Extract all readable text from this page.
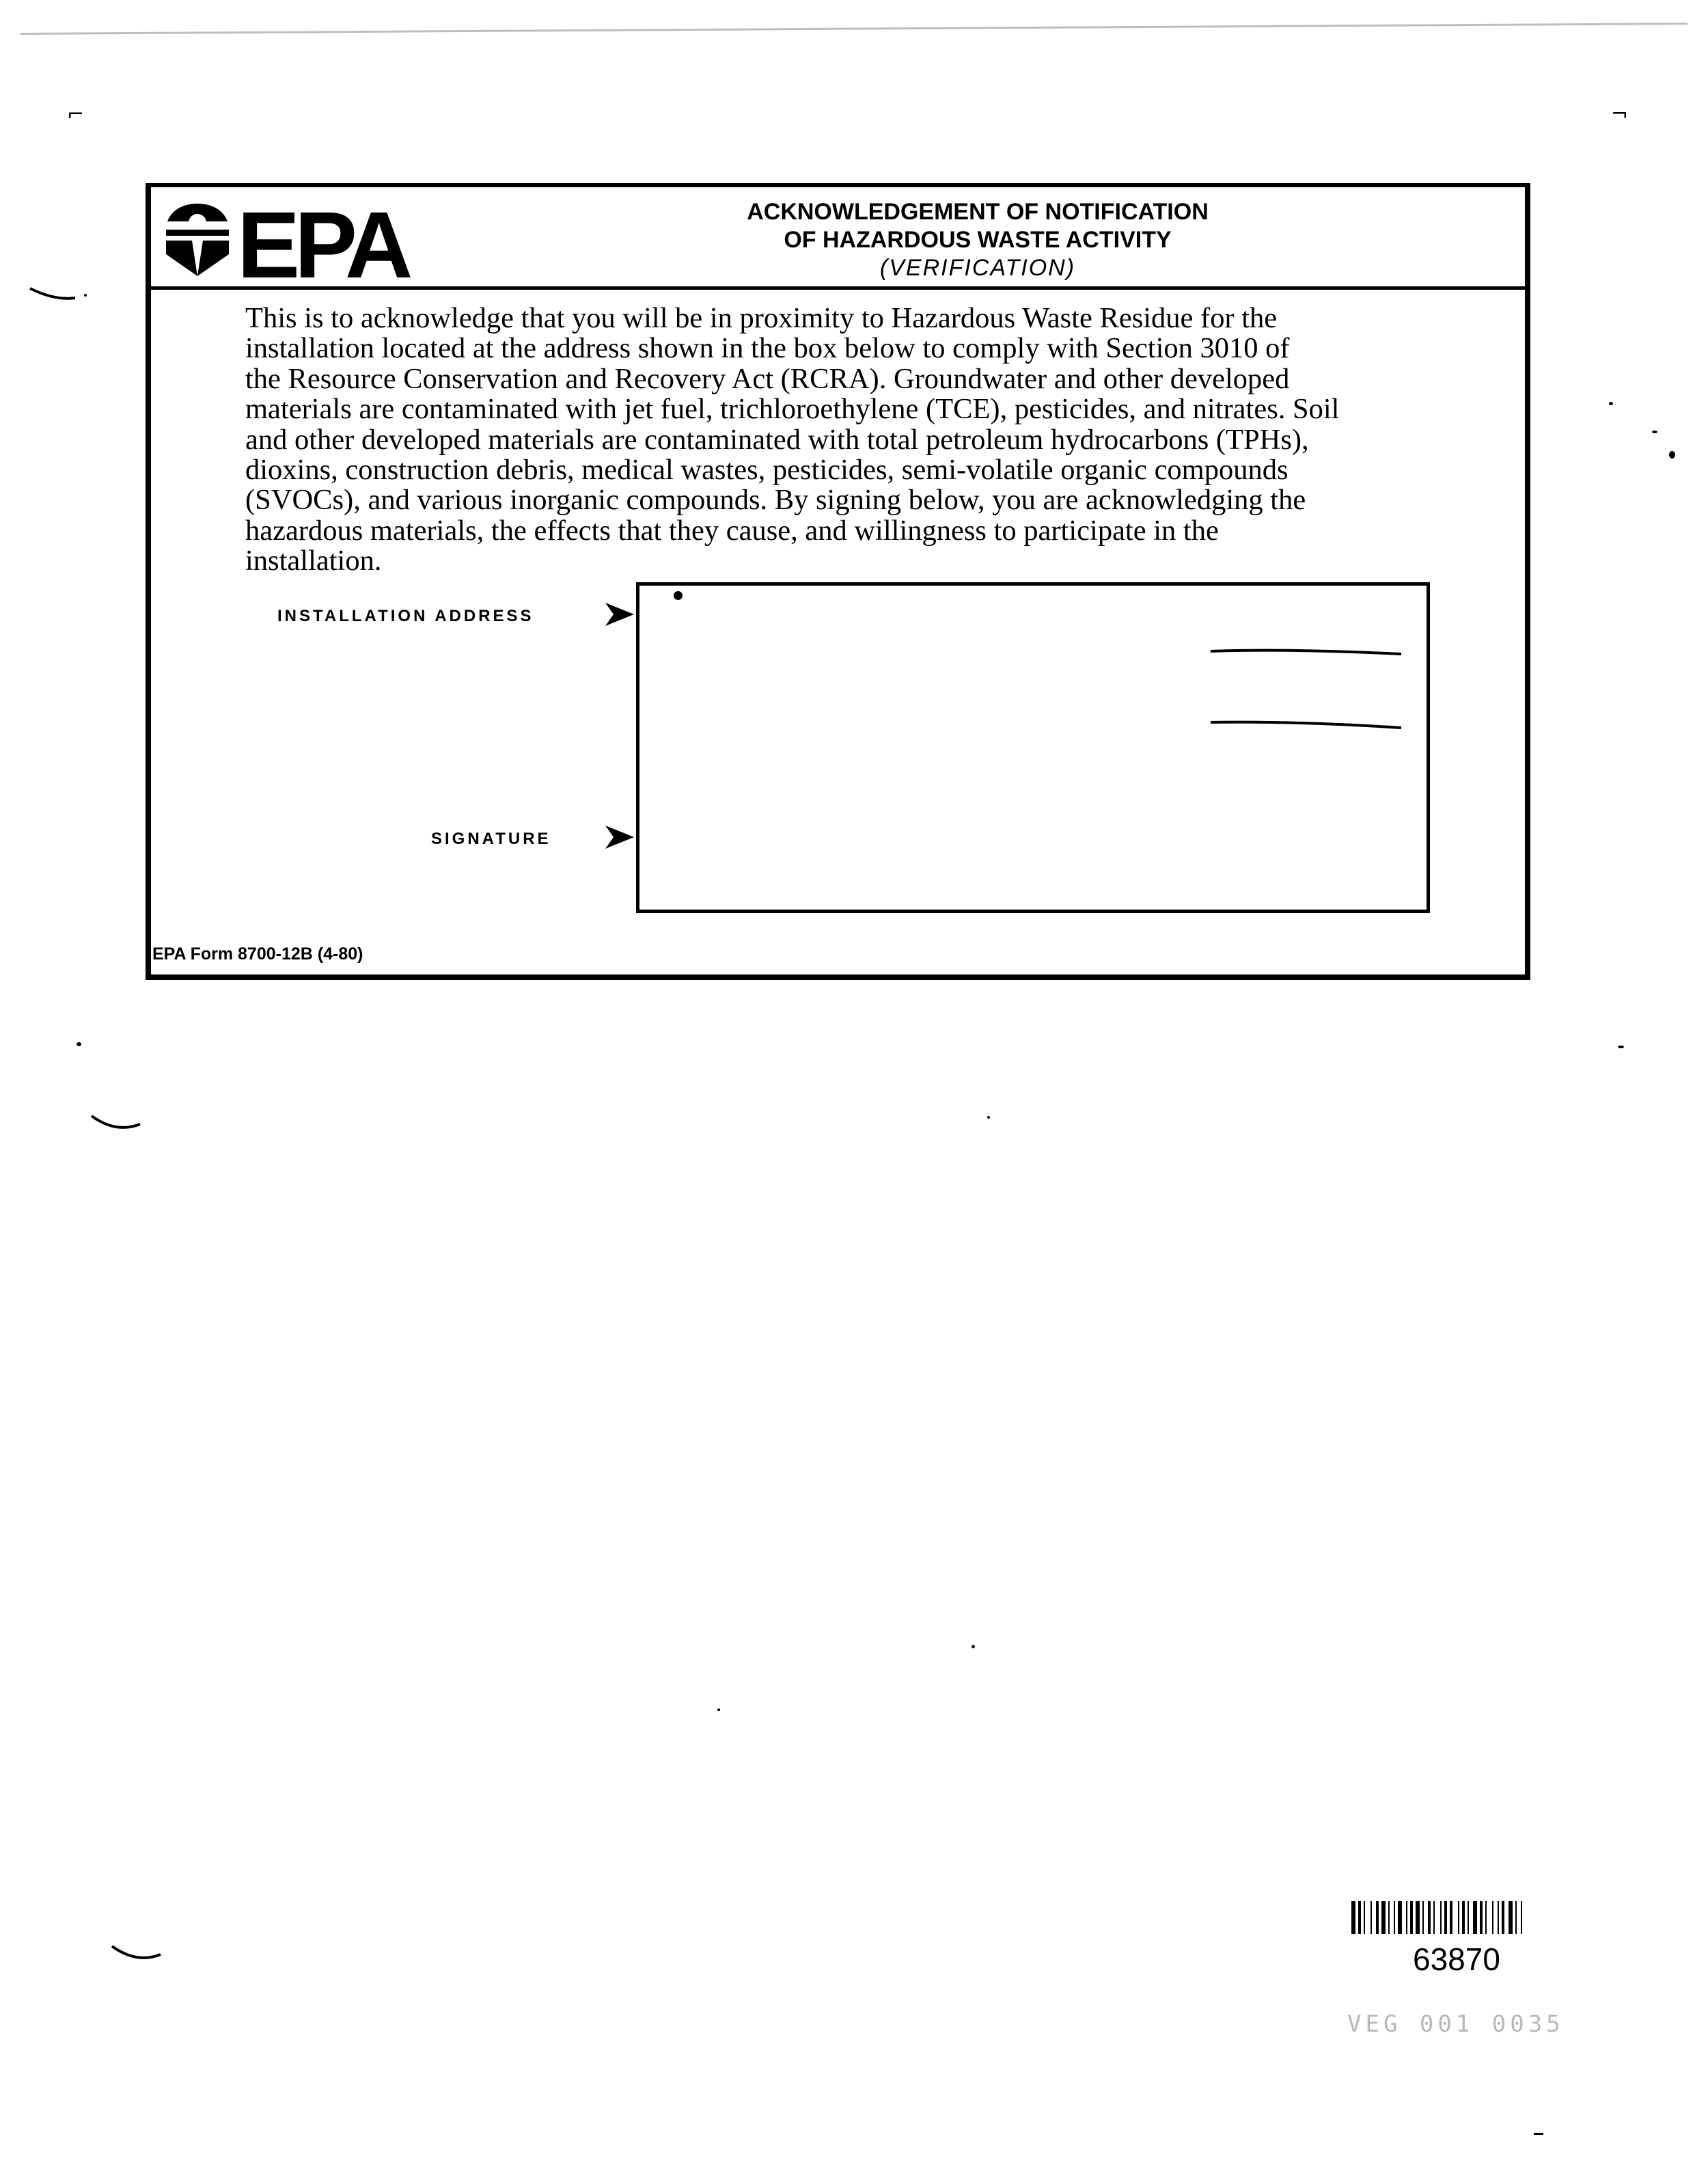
⌐	¬
EPA	ACKNOWLEDGEMENT OF NOTIFICATION
OF HAZARDOUS WASTE ACTIVITY
(VERIFICATION)

This is to acknowledge that you will be in proximity to Hazardous Waste Residue for the

installation located at the address shown in the box below to comply with Section 3010 of

the Resource Conservation and Recovery Act (RCRA). Groundwater and other developed

materials are contaminated with jet fuel, trichloroethylene (TCE), pesticides, and nitrates. Soil

and other developed materials are contaminated with total petroleum hydrocarbons (TPHs),

dioxins, construction debris, medical wastes, pesticides, semi-volatile organic compounds

(SVOCs), and various inorganic compounds. By signing below, you are acknowledging the

hazardous materials, the effects that they cause, and willingness to participate in the

installation.

INSTALLATION ADDRESS
SIGNATURE
EPA Form 8700-12B (4-80)
63870
VEG 001 0035
